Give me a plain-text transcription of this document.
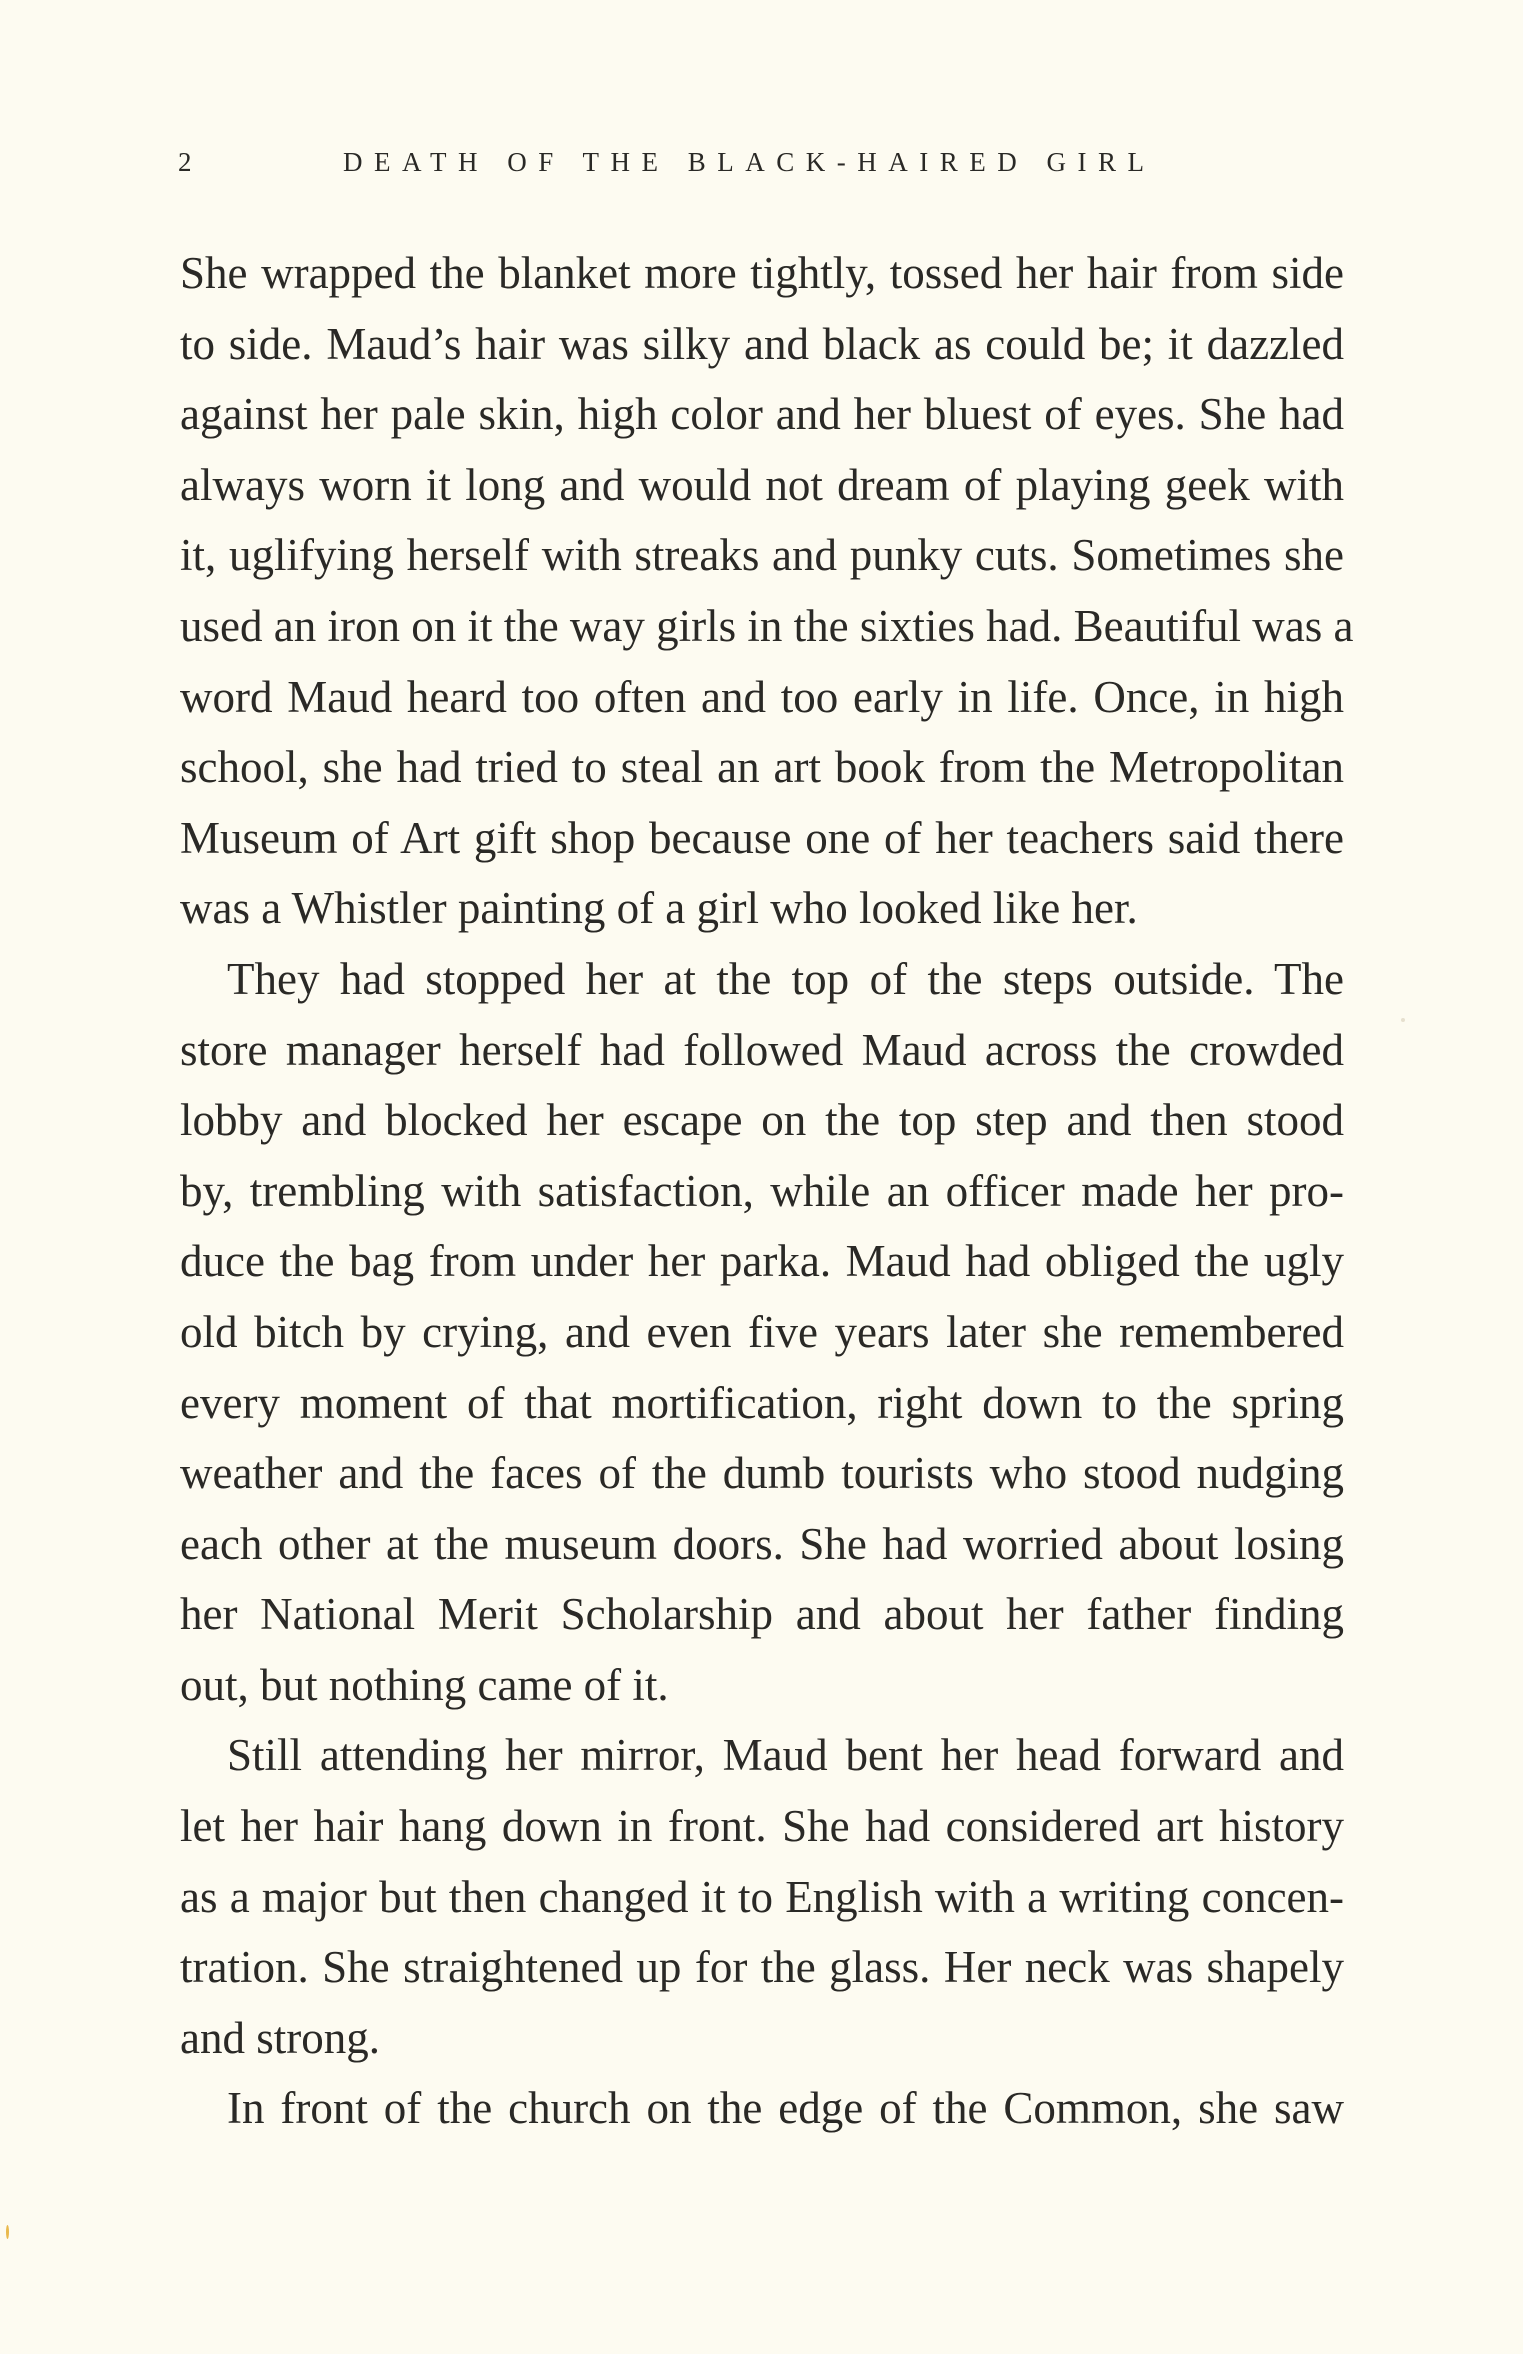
2	DEATH OF THE BLACK-HAIRED GIRL

She wrapped the blanket more tightly, tossed her hair from side
to side. Maud’s hair was silky and black as could be; it dazzled
against her pale skin, high color and her bluest of eyes. She had
always worn it long and would not dream of playing geek with
it, uglifying herself with streaks and punky cuts. Sometimes she
used an iron on it the way girls in the sixties had. Beautiful was a
word Maud heard too often and too early in life. Once, in high
school, she had tried to steal an art book from the Metropolitan
Museum of Art gift shop because one of her teachers said there
was a Whistler painting of a girl who looked like her.

They had stopped her at the top of the steps outside. The
store manager herself had followed Maud across the crowded
lobby and blocked her escape on the top step and then stood
by, trembling with satisfaction, while an officer made her pro-
duce the bag from under her parka. Maud had obliged the ugly
old bitch by crying, and even five years later she remembered
every moment of that mortification, right down to the spring
weather and the faces of the dumb tourists who stood nudging
each other at the museum doors. She had worried about losing
her National Merit Scholarship and about her father finding
out, but nothing came of it.

Still attending her mirror, Maud bent her head forward and
let her hair hang down in front. She had considered art history
as a major but then changed it to English with a writing concen-
tration. She straightened up for the glass. Her neck was shapely
and strong.

In front of the church on the edge of the Common, she saw
